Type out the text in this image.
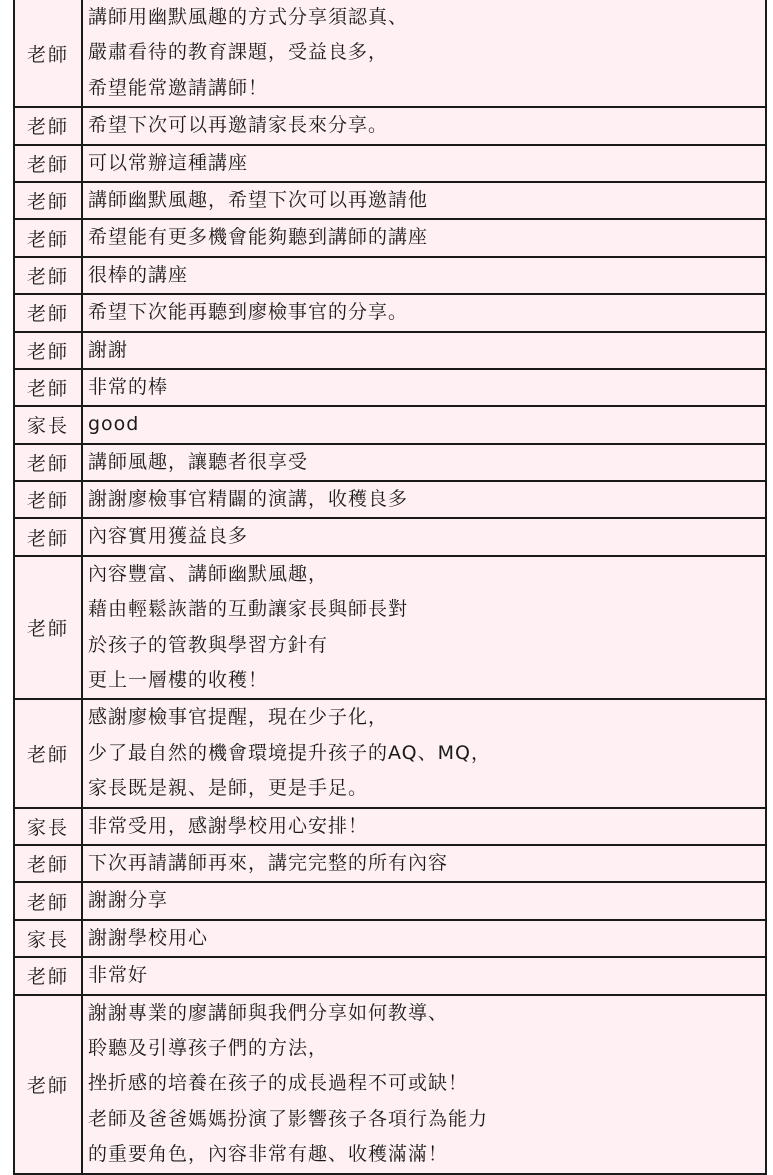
老師	講師用幽默風趣的方式分享須認真、
嚴肅看待的教育課題，受益良多，
希望能常邀請講師！

老師	希望下次可以再邀請家長來分享。

老師	可以常辦這種講座

老師	講師幽默風趣，希望下次可以再邀請他

老師	希望能有更多機會能夠聽到講師的講座

老師	很棒的講座

老師	希望下次能再聽到廖檢事官的分享。

老師	謝謝

老師	非常的棒

家長	good

老師	講師風趣，讓聽者很享受

老師	謝謝廖檢事官精闢的演講，收穫良多

老師	內容實用獲益良多

老師	內容豐富、講師幽默風趣，
藉由輕鬆詼諧的互動讓家長與師長對
於孩子的管教與學習方針有
更上一層樓的收穫！

老師	感謝廖檢事官提醒，現在少子化，
少了最自然的機會環境提升孩子的AQ、MQ，
家長既是親、是師，更是手足。

家長	非常受用，感謝學校用心安排！

老師	下次再請講師再來，講完完整的所有內容

老師	謝謝分享

家長	謝謝學校用心

老師	非常好

老師	謝謝專業的廖講師與我們分享如何教導、
聆聽及引導孩子們的方法，
挫折感的培養在孩子的成長過程不可或缺！
老師及爸爸媽媽扮演了影響孩子各項行為能力
的重要角色，內容非常有趣、收穫滿滿！
